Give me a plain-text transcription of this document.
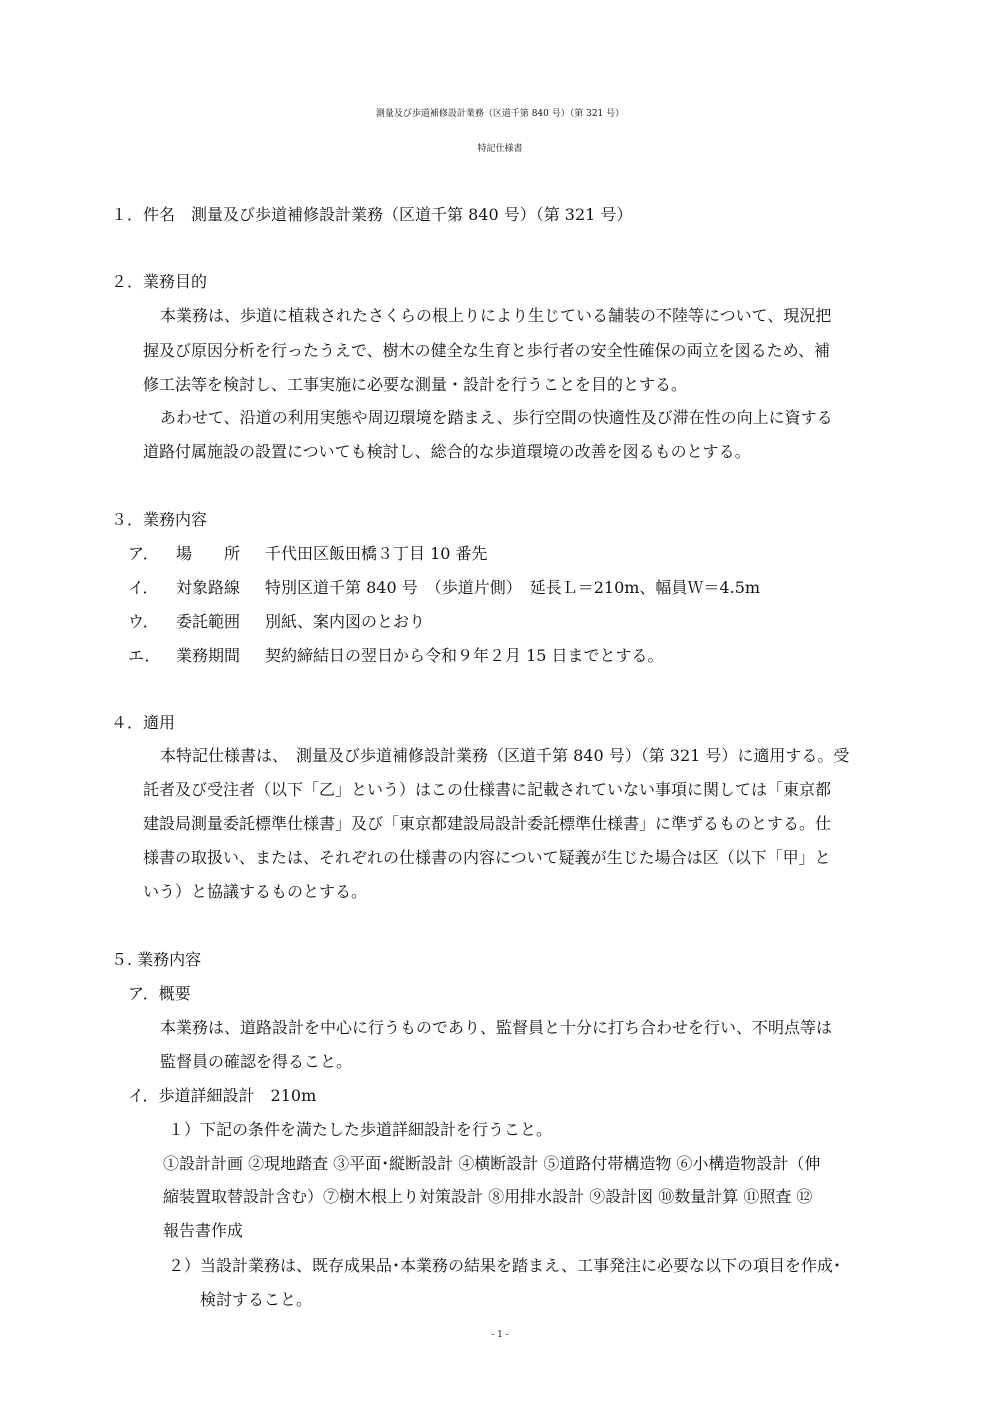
測量及び歩道補修設計業務（区道千第 840 号）（第 321 号）
特記仕様書
１．件名　測量及び歩道補修設計業務（区道千第 840 号）（第 321 号）
２．業務目的
本業務は、歩道に植栽されたさくらの根上りにより生じている舗装の不陸等について、現況把
握及び原因分析を行ったうえで、樹木の健全な生育と歩行者の安全性確保の両立を図るため、補
修工法等を検討し、工事実施に必要な測量・設計を行うことを目的とする。
あわせて、沿道の利用実態や周辺環境を踏まえ、歩行空間の快適性及び滞在性の向上に資する
道路付属施設の設置についても検討し、総合的な歩道環境の改善を図るものとする。
３．業務内容
ア． 場　　所 千代田区飯田橋３丁目 10 番先
イ． 対象路線 特別区道千第 840 号　（歩道片側）　延長Ｌ＝210m、幅員Ｗ＝4.5m
ウ． 委託範囲 別紙、案内図のとおり
エ． 業務期間 契約締結日の翌日から令和９年２月 15 日までとする。
４．適用
本特記仕様書は、　測量及び歩道補修設計業務（区道千第 840 号）（第 321 号）に適用する。受
託者及び受注者（以下「乙」という）はこの仕様書に記載されていない事項に関しては「東京都
建設局測量委託標準仕様書」及び「東京都建設局設計委託標準仕様書」に準ずるものとする。仕
様書の取扱い、または、それぞれの仕様書の内容について疑義が生じた場合は区（以下「甲」と
いう）と協議するものとする。
５. 業務内容
ア．概要
本業務は、道路設計を中心に行うものであり、監督員と十分に打ち合わせを行い、不明点等は
監督員の確認を得ること。
イ．歩道詳細設計　210m
１）下記の条件を満たした歩道詳細設計を行うこと。
①設計計画 ②現地踏査 ③平面･縦断設計 ④横断設計 ⑤道路付帯構造物 ⑥小構造物設計（伸
縮装置取替設計含む）⑦樹木根上り対策設計 ⑧用排水設計 ⑨設計図 ⑩数量計算 ⑪照査 ⑫
報告書作成
２）当設計業務は、既存成果品･本業務の結果を踏まえ、工事発注に必要な以下の項目を作成･
検討すること。
- 1 -
